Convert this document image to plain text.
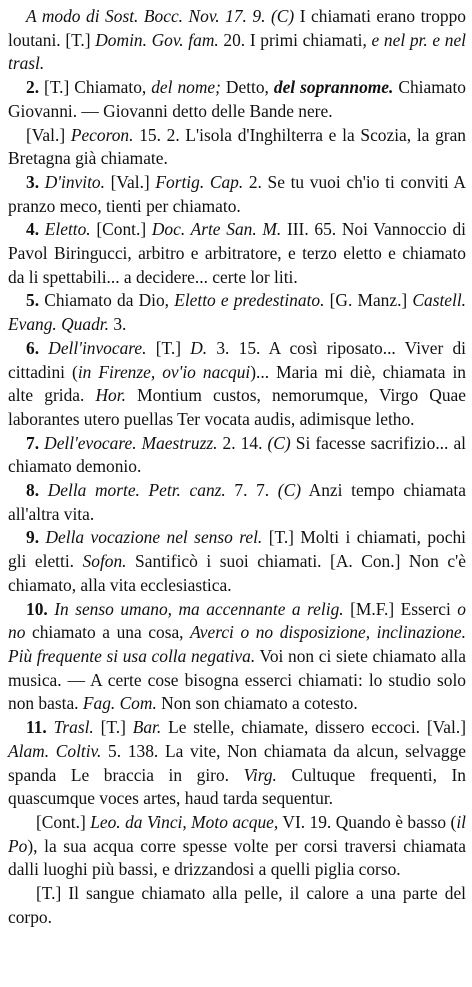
A modo di Sost. Bocc. Nov. 17. 9. (C) I chiamati erano troppo loutani. [T.] Domin. Gov. fam. 20. I primi chiamati, e nel pr. e nel trasl.

2. [T.] Chiamato, del nome; Detto, del soprannome. Chiamato Giovanni. — Giovanni detto delle Bande nere.

[Val.] Pecoron. 15. 2. L'isola d'Inghilterra e la Scozia, la gran Bretagna già chiamate.

3. D'invito. [Val.] Fortig. Cap. 2. Se tu vuoi ch'io ti conviti A pranzo meco, tienti per chiamato.

4. Eletto. [Cont.] Doc. Arte San. M. III. 65. Noi Vannoccio di Pavol Biringucci, arbitro e arbitratore, e terzo eletto e chiamato da li spettabili... a decidere... certe lor liti.

5. Chiamato da Dio, Eletto e predestinato. [G. Manz.] Castell. Evang. Quadr. 3.

6. Dell'invocare. [T.] D. 3. 15. A così riposato... Viver di cittadini (in Firenze, ov'io nacqui)... Maria mi diè, chiamata in alte grida. Hor. Montium custos, nemorumque, Virgo Quae laborantes utero puellas Ter vocata audis, adimisque letho.

7. Dell'evocare. Maestruzz. 2. 14. (C) Si facesse sacrifizio... al chiamato demonio.

8. Della morte. Petr. canz. 7. 7. (C) Anzi tempo chiamata all'altra vita.

9. Della vocazione nel senso rel. [T.] Molti i chiamati, pochi gli eletti. Sofon. Santificò i suoi chiamati. [A. Con.] Non c'è chiamato, alla vita ecclesiastica.

10. In senso umano, ma accennante a relig. [M.F.] Esserci o no chiamato a una cosa, Averci o no disposizione, inclinazione. Più frequente si usa colla negativa. Voi non ci siete chiamato alla musica. — A certe cose bisogna esserci chiamati: lo studio solo non basta. Fag. Com. Non son chiamato a cotesto.

11. Trasl. [T.] Bar. Le stelle, chiamate, dissero eccoci. [Val.] Alam. Coltiv. 5. 138. La vite, Non chiamata da alcun, selvagge spanda Le braccia in giro. Virg. Cultuque frequenti, In quascumque voces artes, haud tarda sequentur.

[Cont.] Leo. da Vinci, Moto acque, VI. 19. Quando è basso (il Po), la sua acqua corre spesse volte per corsi traversi chiamata dalli luoghi più bassi, e drizzandosi a quelli piglia corso.

[T.] Il sangue chiamato alla pelle, il calore a una parte del corpo.
